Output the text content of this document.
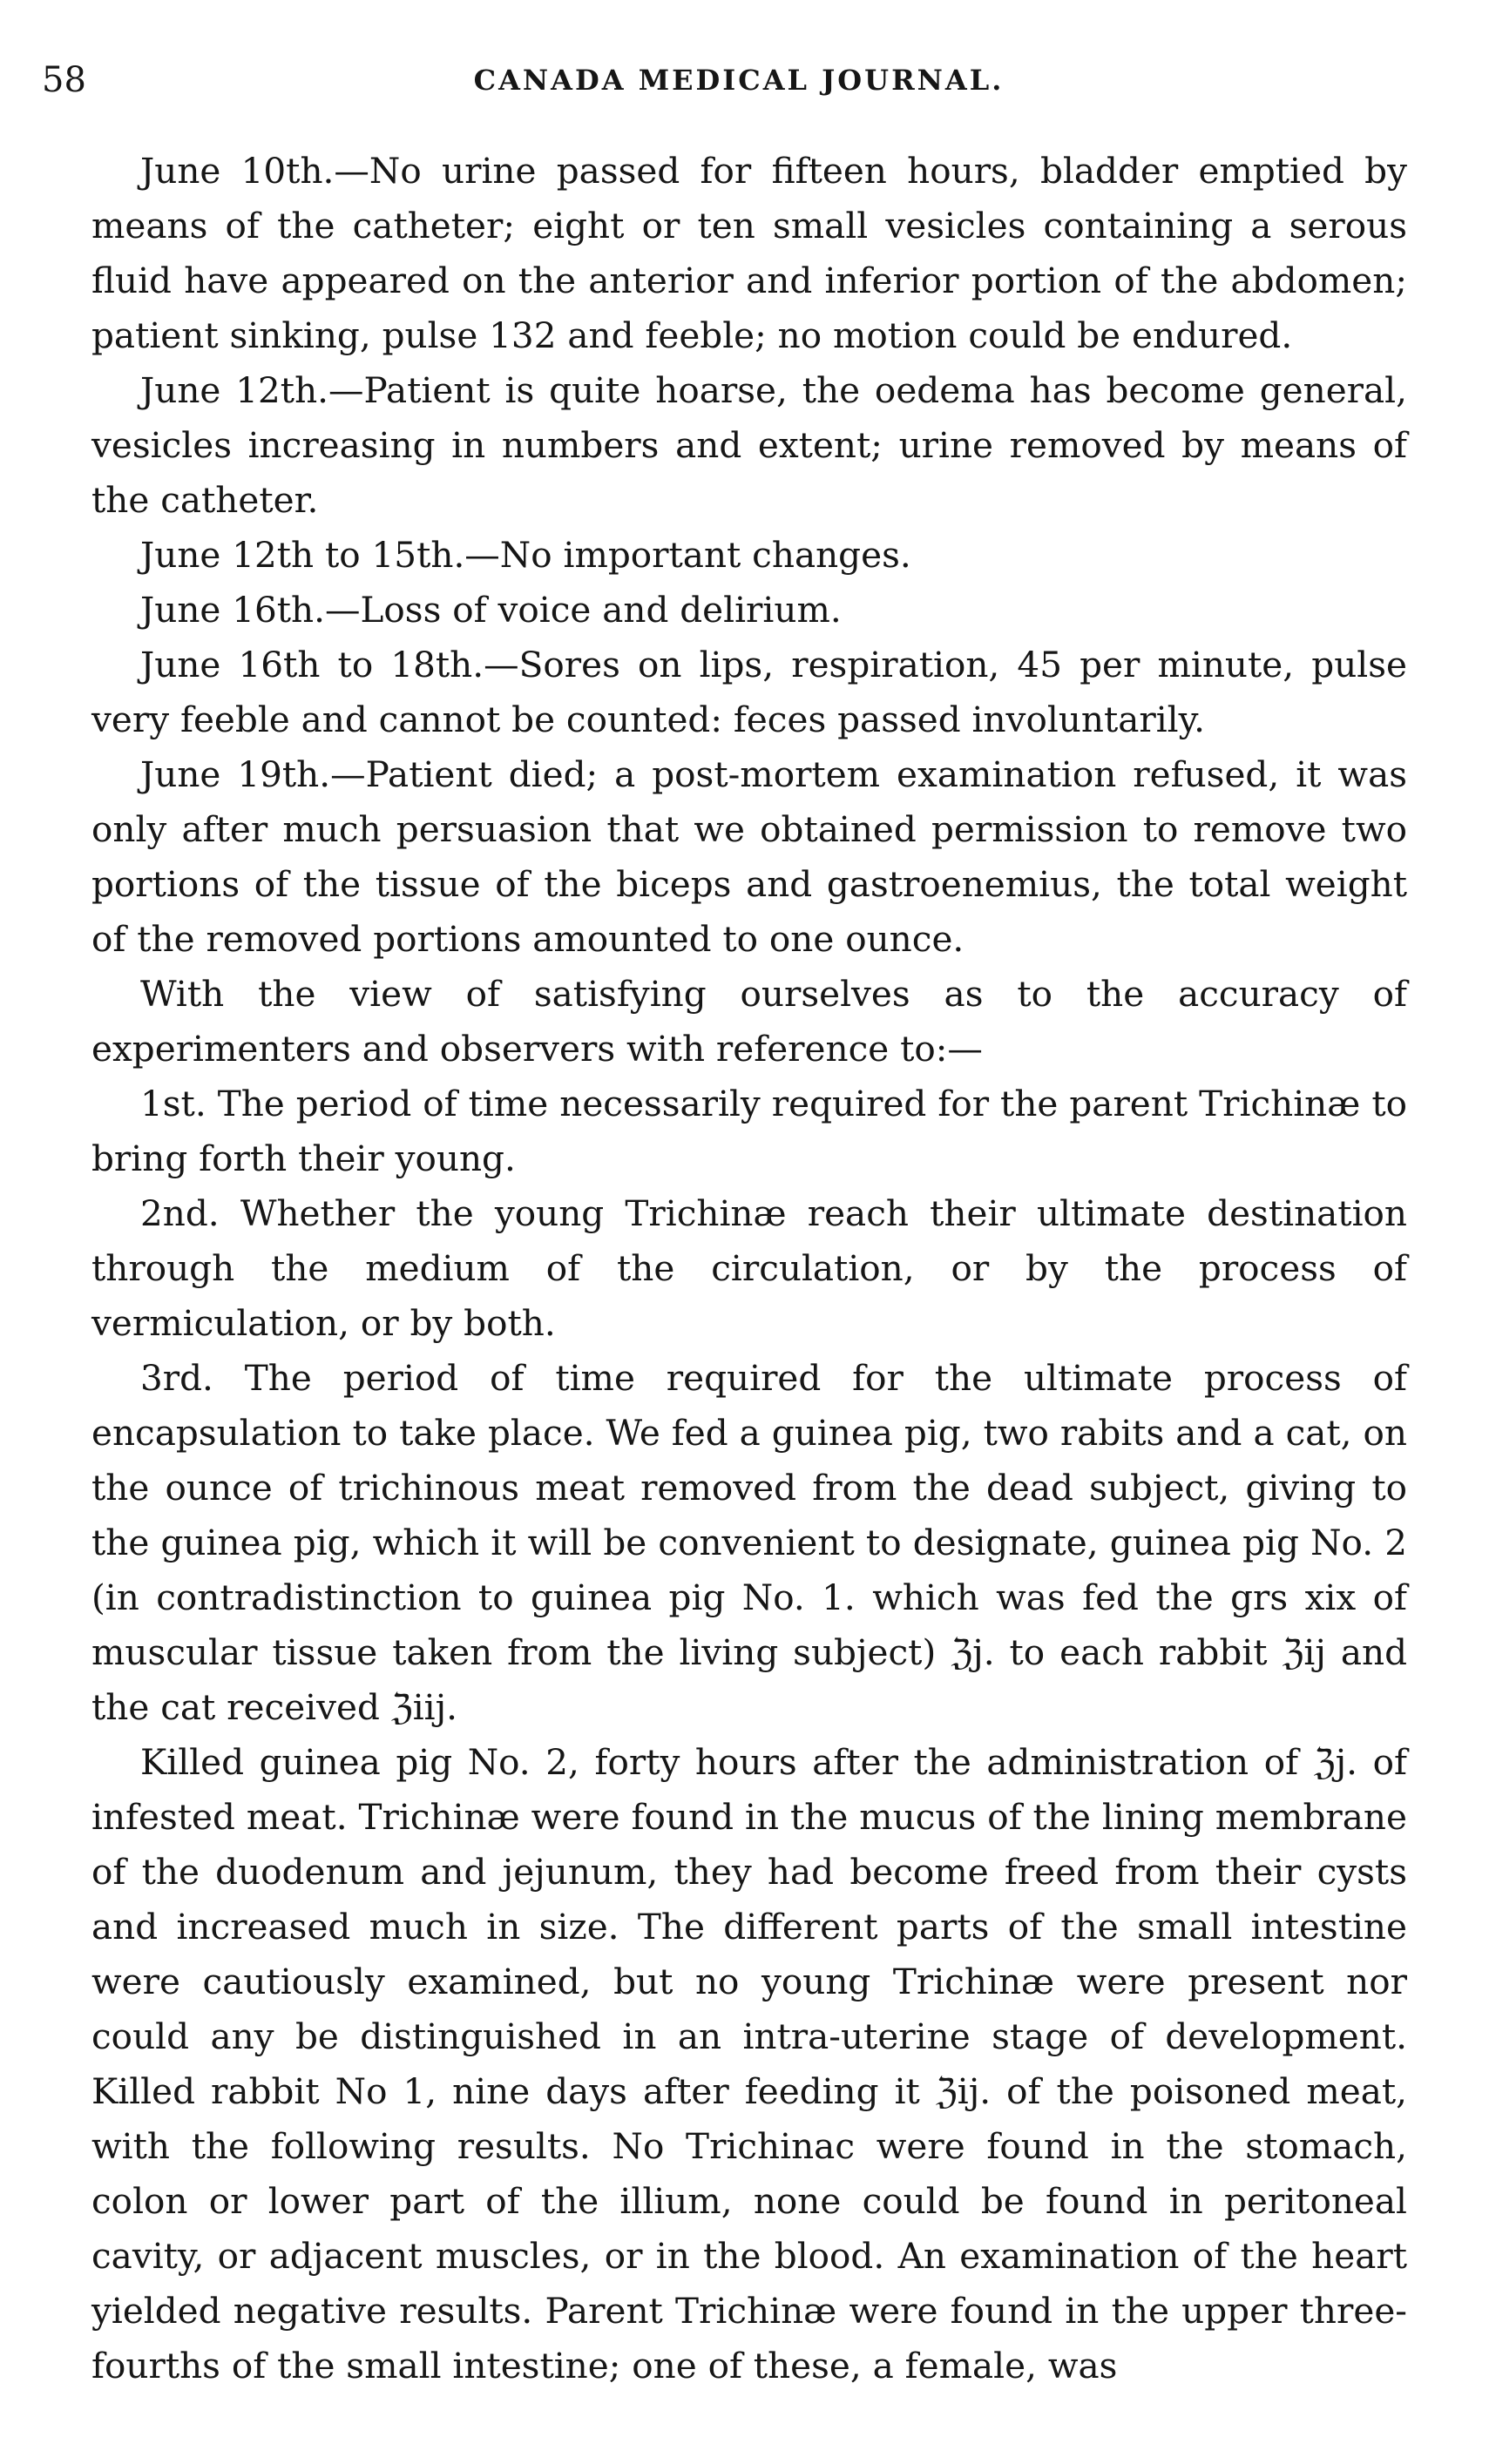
58	CANADA MEDICAL JOURNAL.

June 10th.—No urine passed for fifteen hours, bladder emptied by means of the catheter; eight or ten small vesicles containing a serous fluid have appeared on the anterior and inferior portion of the abdomen; patient sinking, pulse 132 and feeble; no motion could be endured.

June 12th.—Patient is quite hoarse, the oedema has become general, vesicles increasing in numbers and extent; urine removed by means of the catheter.

June 12th to 15th.—No important changes.

June 16th.—Loss of voice and delirium.

June 16th to 18th.—Sores on lips, respiration, 45 per minute, pulse very feeble and cannot be counted: feces passed involuntarily.

June 19th.—Patient died; a post-mortem examination refused, it was only after much persuasion that we obtained permission to remove two portions of the tissue of the biceps and gastroenemius, the total weight of the removed portions amounted to one ounce.

With the view of satisfying ourselves as to the accuracy of experimenters and observers with reference to:—

1st. The period of time necessarily required for the parent Trichinæ to bring forth their young.

2nd. Whether the young Trichinæ reach their ultimate destination through the medium of the circulation, or by the process of vermiculation, or by both.

3rd. The period of time required for the ultimate process of encapsulation to take place. We fed a guinea pig, two rabits and a cat, on the ounce of trichinous meat removed from the dead subject, giving to the guinea pig, which it will be convenient to designate, guinea pig No. 2 (in contradistinction to guinea pig No. 1. which was fed the grs xix of muscular tissue taken from the living subject) ℨj. to each rabbit ℨij and the cat received ℨiij.

Killed guinea pig No. 2, forty hours after the administration of ℨj. of infested meat. Trichinæ were found in the mucus of the lining membrane of the duodenum and jejunum, they had become freed from their cysts and increased much in size. The different parts of the small intestine were cautiously examined, but no young Trichinæ were present nor could any be distinguished in an intra-uterine stage of development. Killed rabbit No 1, nine days after feeding it ℨij. of the poisoned meat, with the following results. No Trichinac were found in the stomach, colon or lower part of the illium, none could be found in peritoneal cavity, or adjacent muscles, or in the blood. An examination of the heart yielded negative results. Parent Trichinæ were found in the upper three-fourths of the small intestine; one of these, a female, was
